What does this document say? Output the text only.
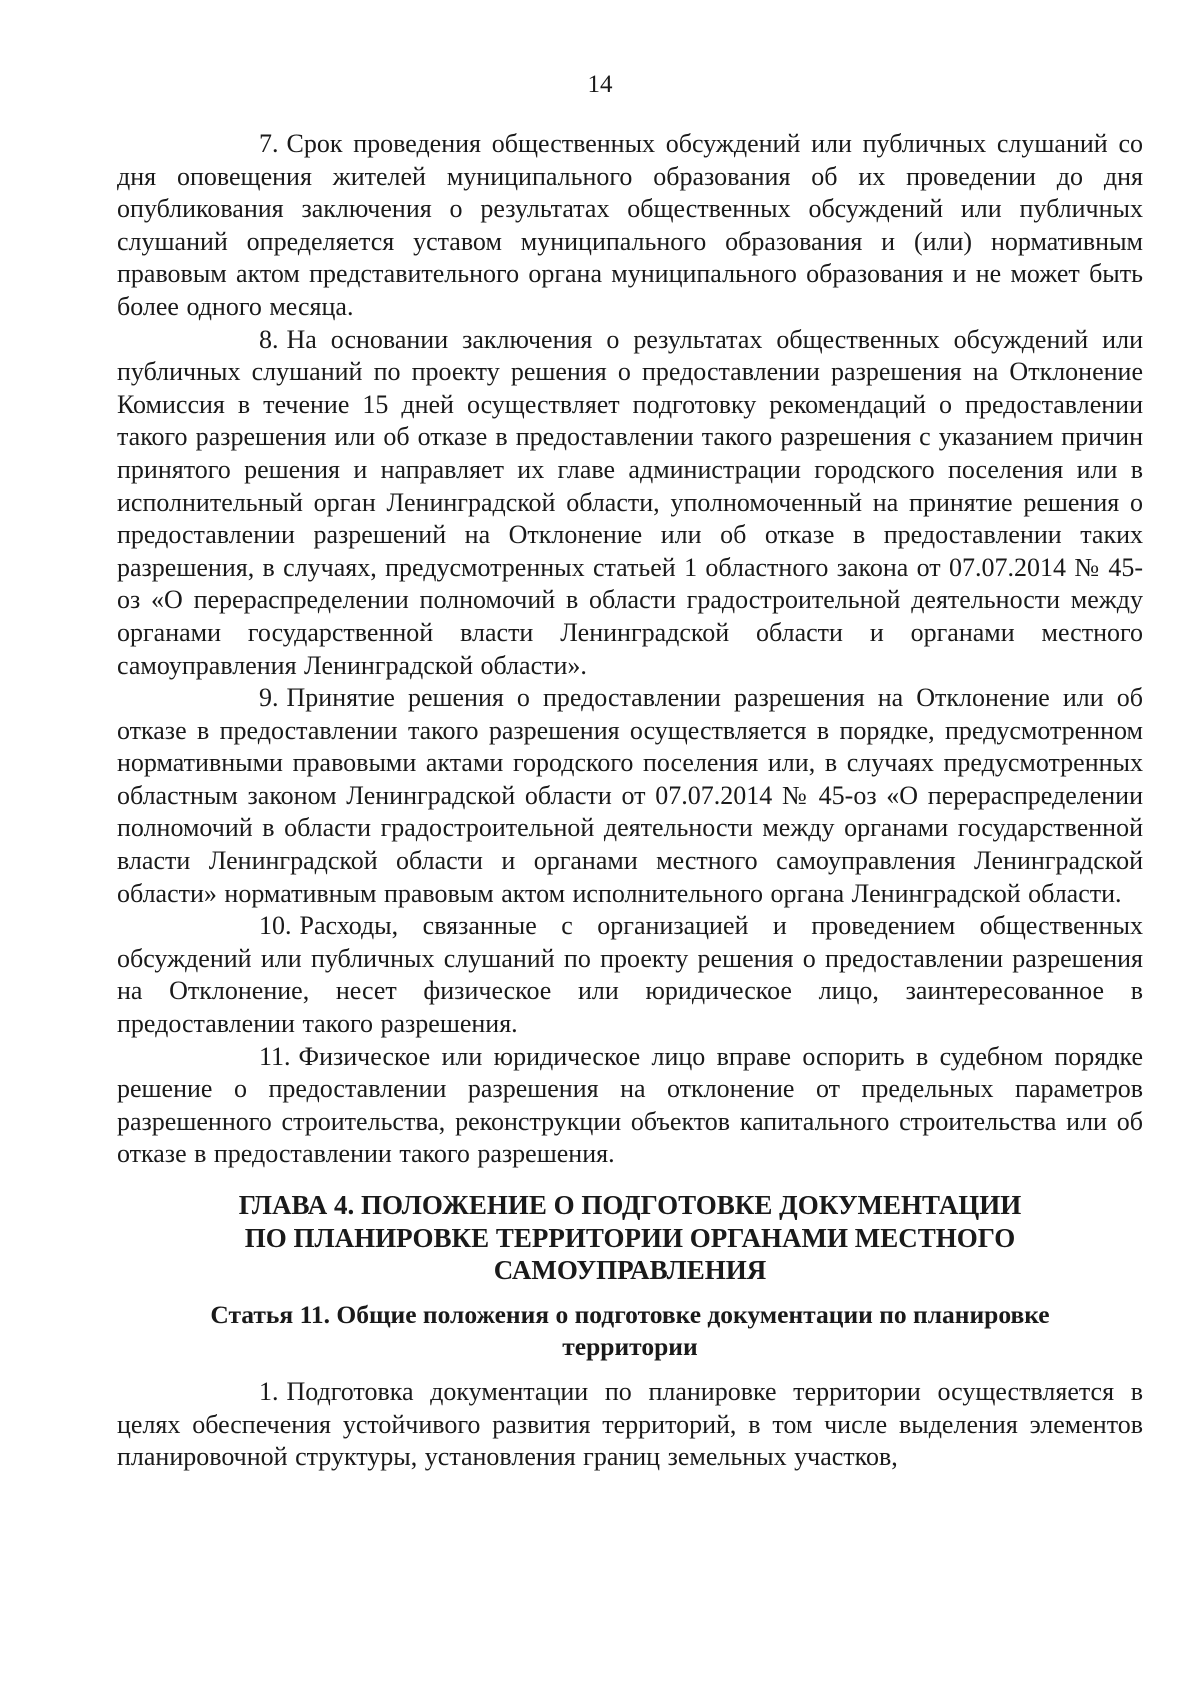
14

7. Срок проведения общественных обсуждений или публичных слушаний со дня оповещения жителей муниципального образования об их проведении до дня опубликования заключения о результатах общественных обсуждений или публичных слушаний определяется уставом муниципального образования и (или) нормативным правовым актом представительного органа муниципального образования и не может быть более одного месяца.

8. На основании заключения о результатах общественных обсуждений или публичных слушаний по проекту решения о предоставлении разрешения на Отклонение Комиссия в течение 15 дней осуществляет подготовку рекомендаций о предоставлении такого разрешения или об отказе в предоставлении такого разрешения с указанием причин принятого решения и направляет их главе администрации городского поселения или в исполнительный орган Ленинградской области, уполномоченный на принятие решения о предоставлении разрешений на Отклонение или об отказе в предоставлении таких разрешения, в случаях, предусмотренных статьей 1 областного закона от 07.07.2014 № 45-оз «О перераспределении полномочий в области градостроительной деятельности между органами государственной власти Ленинградской области и органами местного самоуправления Ленинградской области».

9. Принятие решения о предоставлении разрешения на Отклонение или об отказе в предоставлении такого разрешения осуществляется в порядке, предусмотренном нормативными правовыми актами городского поселения или, в случаях предусмотренных областным законом Ленинградской области от 07.07.2014 № 45-оз «О перераспределении полномочий в области градостроительной деятельности между органами государственной власти Ленинградской области и органами местного самоуправления Ленинградской области» нормативным правовым актом исполнительного органа Ленинградской области.

10. Расходы, связанные с организацией и проведением общественных обсуждений или публичных слушаний по проекту решения о предоставлении разрешения на Отклонение, несет физическое или юридическое лицо, заинтересованное в предоставлении такого разрешения.

11. Физическое или юридическое лицо вправе оспорить в судебном порядке решение о предоставлении разрешения на отклонение от предельных параметров разрешенного строительства, реконструкции объектов капитального строительства или об отказе в предоставлении такого разрешения.

ГЛАВА 4. ПОЛОЖЕНИЕ О ПОДГОТОВКЕ ДОКУМЕНТАЦИИ
ПО ПЛАНИРОВКЕ ТЕРРИТОРИИ ОРГАНАМИ МЕСТНОГО
САМОУПРАВЛЕНИЯ
Статья 11. Общие положения о подготовке документации по планировке
территории

1. Подготовка документации по планировке территории осуществляется в целях обеспечения устойчивого развития территорий, в том числе выделения элементов планировочной структуры, установления границ земельных участков,
